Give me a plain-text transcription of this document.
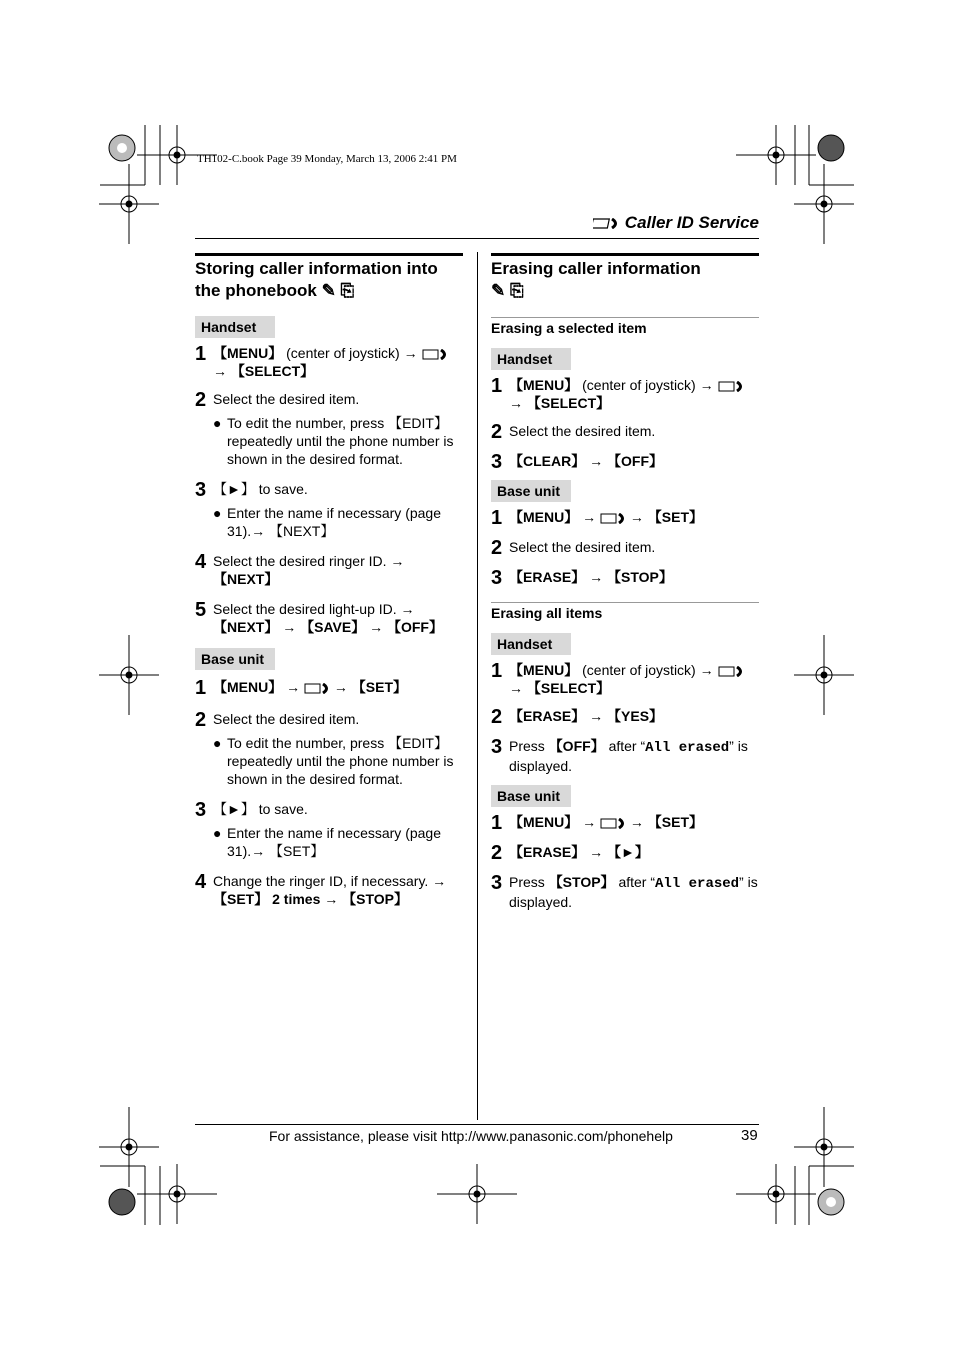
TH102-C.book Page 39 Monday, March 13, 2006 2:41 PM
Caller ID Service
Storing caller information into
the phonebook ✎ ⎘
Handset
1 【MENU】 (center of joystick) →
→ 【SELECT】
2 Select the desired item.
● To edit the number, press 【EDIT】 repeatedly until the phone number is shown in the desired format.
3 【►】 to save.
● Enter the name if necessary (page 31).→ 【NEXT】
4 Select the desired ringer ID. →
【NEXT】
5 Select the desired light-up ID. →
【NEXT】 → 【SAVE】 → 【OFF】
Base unit
1 【MENU】 →  → 【SET】
2 Select the desired item.
● To edit the number, press 【EDIT】 repeatedly until the phone number is shown in the desired format.
3 【►】 to save.
● Enter the name if necessary (page 31).→ 【SET】
4 Change the ringer ID, if necessary. →
【SET】 2 times → 【STOP】
Erasing caller information
✎ ⎘

Erasing a selected item

Handset
1 【MENU】 (center of joystick) →
→ 【SELECT】
2 Select the desired item.
3 【CLEAR】 → 【OFF】
Base unit
1 【MENU】 →  → 【SET】
2 Select the desired item.
3 【ERASE】 → 【STOP】

Erasing all items

Handset
1 【MENU】 (center of joystick) →
→ 【SELECT】
2 【ERASE】 → 【YES】
3 Press 【OFF】 after “All erased” is displayed.
Base unit
1 【MENU】 →  → 【SET】
2 【ERASE】 → 【►】
3 Press 【STOP】 after “All erased” is displayed.
For assistance, please visit http://www.panasonic.com/phonehelp	39
